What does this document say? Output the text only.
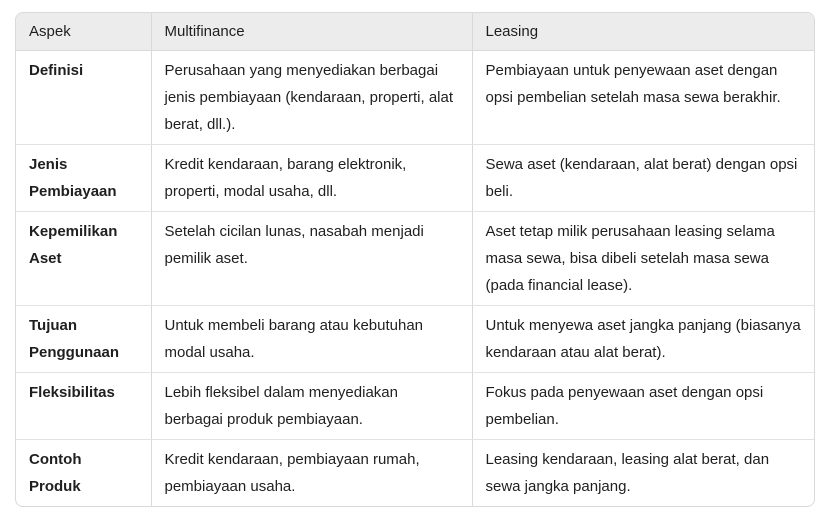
Aspek	Multifinance	Leasing
Definisi	Perusahaan yang menyediakan berbagai jenis pembiayaan (kendaraan, properti, alat berat, dll.).	Pembiayaan untuk penyewaan aset dengan opsi pembelian setelah masa sewa berakhir.
Jenis Pembiayaan	Kredit kendaraan, barang elektronik, properti, modal usaha, dll.	Sewa aset (kendaraan, alat berat) dengan opsi beli.
Kepemilikan Aset	Setelah cicilan lunas, nasabah menjadi pemilik aset.	Aset tetap milik perusahaan leasing selama masa sewa, bisa dibeli setelah masa sewa (pada financial lease).
Tujuan Penggunaan	Untuk membeli barang atau kebutuhan modal usaha.	Untuk menyewa aset jangka panjang (biasanya kendaraan atau alat berat).
Fleksibilitas	Lebih fleksibel dalam menyediakan berbagai produk pembiayaan.	Fokus pada penyewaan aset dengan opsi pembelian.
Contoh Produk	Kredit kendaraan, pembiayaan rumah, pembiayaan usaha.	Leasing kendaraan, leasing alat berat, dan sewa jangka panjang.
